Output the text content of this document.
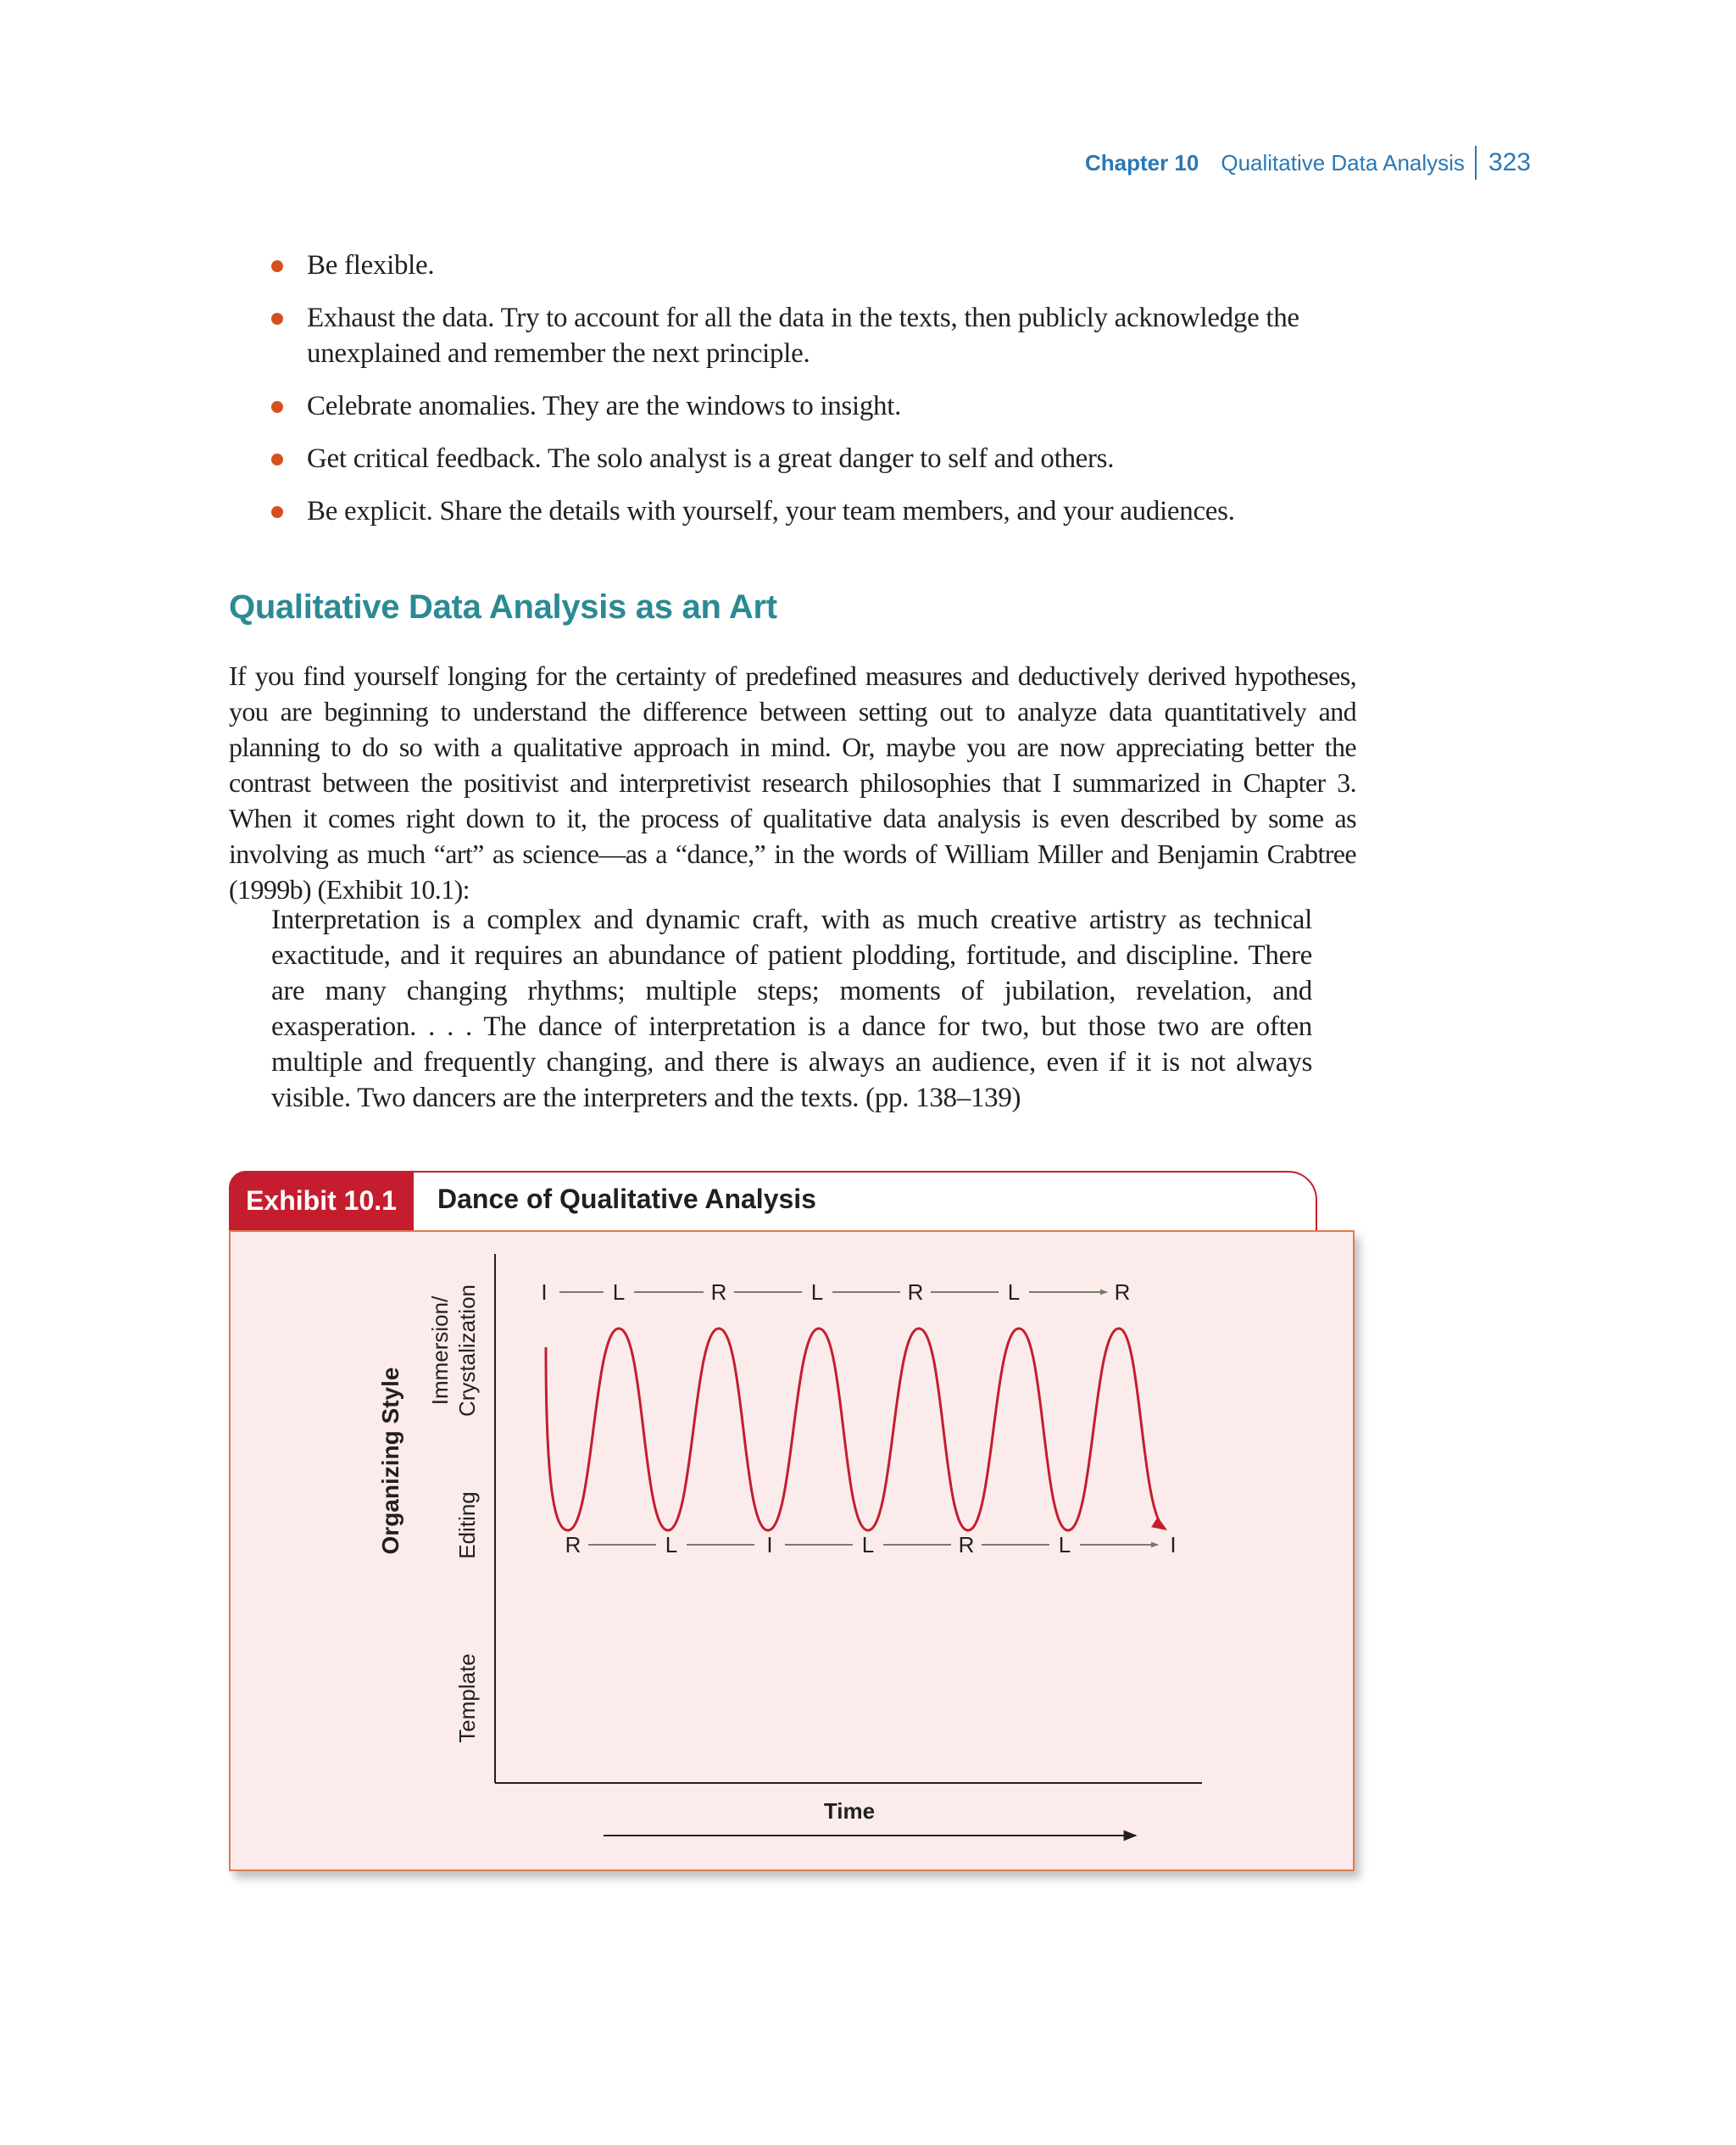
Chapter 10 Qualitative Data Analysis 323
Be flexible.
Exhaust the data. Try to account for all the data in the texts, then publicly acknowledge the unexplained and remember the next principle.
Celebrate anomalies. They are the windows to insight.
Get critical feedback. The solo analyst is a great danger to self and others.
Be explicit. Share the details with yourself, your team members, and your audiences.
Qualitative Data Analysis as an Art

If you find yourself longing for the certainty of predefined measures and deductively derived hypotheses, you are beginning to understand the difference between setting out to analyze data quantitatively and planning to do so with a qualitative approach in mind. Or, maybe you are now appreciating better the contrast between the positivist and interpretivist research philosophies that I summarized in Chapter 3. When it comes right down to it, the process of qualitative data analysis is even described by some as involving as much “art” as science—as a “dance,” in the words of William Miller and Benjamin Crabtree (1999b) (Exhibit 10.1):

Interpretation is a complex and dynamic craft, with as much creative artistry as technical exactitude, and it requires an abundance of patient plodding, fortitude, and discipline. There are many changing rhythms; multiple steps; moments of jubilation, revelation, and exasperation. . . . The dance of interpretation is a dance for two, but those two are often multiple and frequently changing, and there is always an audience, even if it is not always visible. Two dancers are the interpreters and the texts. (pp. 138–139)

Exhibit 10.1	Dance of Qualitative Analysis
Organizing Style
Immersion/ Crystalization
Editing
Template
Time
I	L	R	L	R	L	R
R	L	I	L	R	L	I
